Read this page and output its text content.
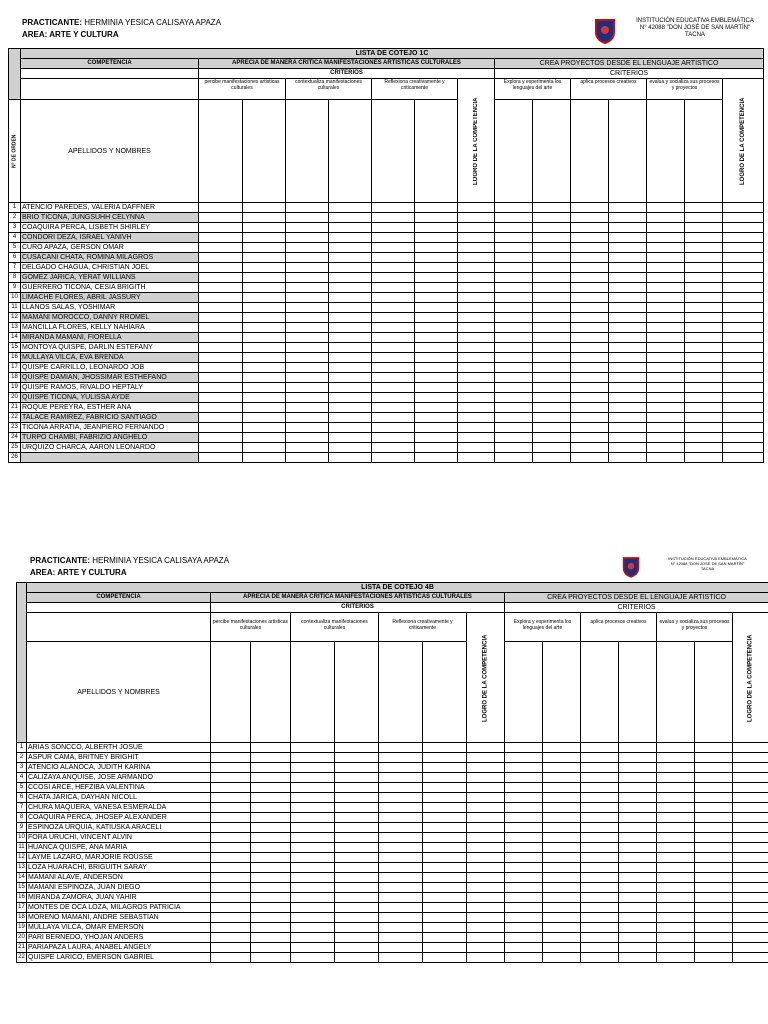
PRACTICANTE: HERMINIA YESICA CALISAYA APAZA
AREA: ARTE Y CULTURA
INSTITUCIÓN EDUCATIVA EMBLEMÁTICA
N° 42088 "DON JOSÉ DE SAN MARTÍN"
TACNA
	LISTA DE COTEJO 1C														
	COMPETENCIA	APRECIA DE MANERA CRITICA MANIFESTACIONES ARTISTICAS CULTURALES							CREA PROYECTOS DESDE EL LENGUAJE ARTISTICO						
		CRITERIOS							CRITERIOS						
		percibe manifestaciones artisticas culturales		contextualiza manifestaciones culturales		Reflexiona creativamente y criticamente		LOGRO DE LA COMPETENCIA	Explora y experimenta los lenguajes del arte		aplica procesos creativos		evalua y socializa sus procesos y proyectos		LOGRO DE LA COMPETENCIA
N° DE ORDEN	APELLIDOS Y NOMBRES														
1	ATENCIO PAREDES, VALERIA DAFFNER														
2	BRIO TICONA, JUNGSUHH CELYNNA														
3	COAQUIRA PERCA, LISBETH SHIRLEY														
4	CONDORI DEZA, ISRAEL YANIVH														
5	CURO APAZA, GERSON OMAR														
6	CUSACANI CHATA, ROMINA MILAGROS														
7	DELGADO CHAGUA, CHRISTIAN JOEL														
8	GOMEZ JARICA, YERAT WILLIANS														
9	GUERRERO TICONA, CESIA BRIGITH														
10	LIMACHE FLORES, ABRIL JASSURY														
11	LLANOS SALAS, YOSHIMAR														
12	MAMANI MOROCCO, DANNY RROMEL														
13	MANCILLA FLORES, KELLY NAHIARA														
14	MIRANDA MAMANI, FIORELLA														
15	MONTOYA QUISPE, DARLIN ESTEFANY														
16	MULLAYA VILCA, EVA BRENDA														
17	QUISPE CARRILLO, LEONARDO JOB														
18	QUISPE DAMIAN, JHOSSIMAR ESTHEFANO														
19	QUISPE RAMOS, RIVALDO HEPTALY														
20	QUISPE TICONA, YULISSA AYDE														
21	ROQUE PEREYRA, ESTHER ANA														
22	TALACE RAMIREZ, FABRICIO SANTIAGO														
23	TICONA ARRATIA, JEANPIERO FERNANDO														
24	TURPO CHAMBI, FABRIZIO ANGHELO														
25	URQUIZO CHARCA, AARON LEONARDO														
26															
PRACTICANTE: HERMINIA YESICA CALISAYA APAZA
AREA: ARTE Y CULTURA
INSTITUCIÓN EDUCATIVA EMBLEMÁTICA
N° 42088 "DON JOSÉ DE SAN MARTÍN"
TACNA
	LISTA DE COTEJO 4B														
	COMPETENCIA	APRECIA DE MANERA CRITICA MANIFESTACIONES ARTISTICAS CULTURALES							CREA PROYECTOS DESDE EL LENGUAJE ARTISTICO						
		CRITERIOS							CRITERIOS						
		percibe manifestaciones artisticas culturales		contextualiza manifestaciones culturales		Reflexiona creativamente y criticamente		LOGRO DE LA COMPETENCIA	Explora y experimenta los lenguajes del arte		aplica procesos creativos		evalua y socializa sus procesos y proyectos		LOGRO DE LA COMPETENCIA
	APELLIDOS Y NOMBRES														
1	ARIAS SONCCO, ALBERTH JOSUE														
2	ASPUR CAMA, BRITNEY BRIGHIT														
3	ATENCIO ALANOCA, JUDITH KARINA														
4	CALIZAYA ANQUISE, JOSE ARMANDO														
5	CCOSI ARCE, HEFZIBA VALENTINA														
6	CHATA JARICA, DAYHAN NICOLL														
7	CHURA MAQUERA, VANESA ESMERALDA														
8	COAQUIRA PERCA, JHOSEP ALEXANDER														
9	ESPINOZA URQUIA, KATIUSKA ARACELI														
10	FORA URUCHI, VINCENT ALVIN														
11	HUANCA QUISPE, ANA MARIA														
12	LAYME LAZARO, MARJORIE ROUSSE														
13	LOZA HUARACHI, BRIGUITH SARAY														
14	MAMANI ALAVE, ANDERSON														
15	MAMANI ESPINOZA, JUAN DIEGO														
16	MIRANDA ZAMORA, JUAN YAHIR														
17	MONTES DE OCA LOZA, MILAGROS PATRICIA														
18	MORENO MAMANI, ANDRE SEBASTIAN														
19	MULLAYA VILCA, OMAR EMERSON														
20	PARI BERNEDO, YHOJAN ANDERS														
21	PARIAPAZA LAURA, ANABEL ANGELY														
22	QUISPE LARICO, EMERSON GABRIEL														
